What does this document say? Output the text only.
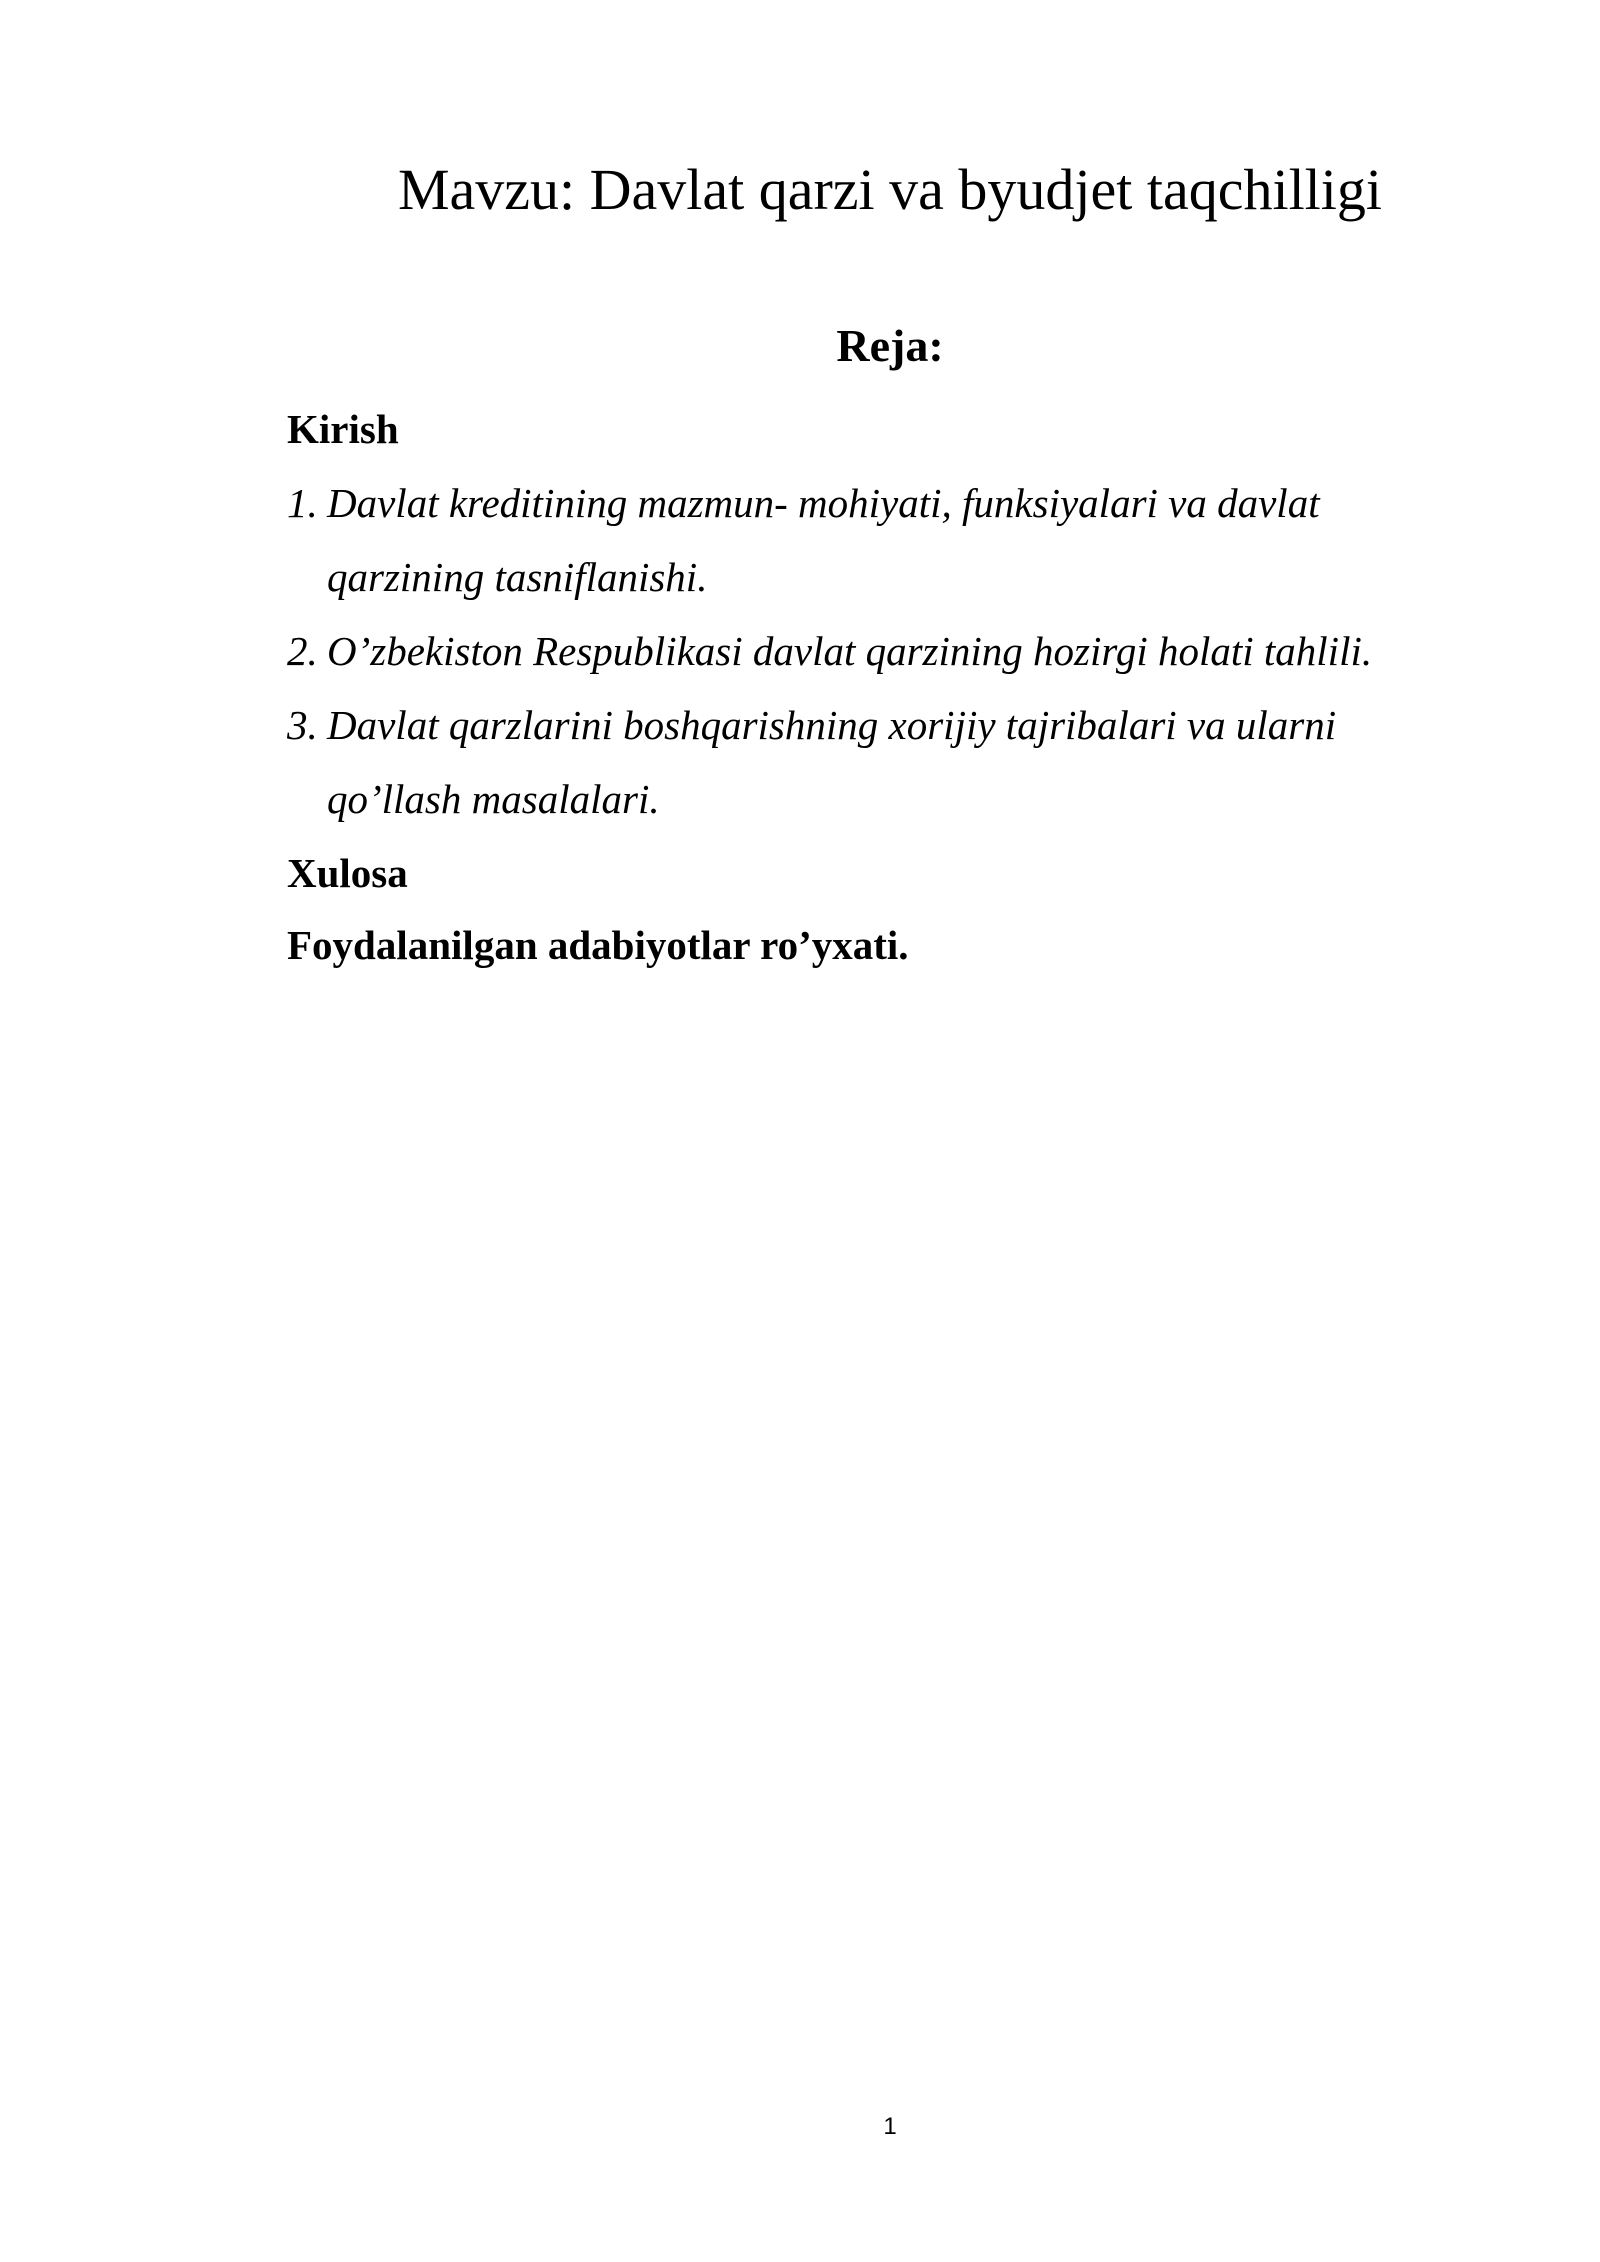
Mavzu: Davlat qarzi va byudjet taqchilligi
Reja:
Kirish
1. Davlat kreditining mazmun- mohiyati, funksiyalari va davlat qarzining tasniflanishi.
2. O’zbekiston Respublikasi davlat qarzining hozirgi holati tahlili.
3. Davlat qarzlarini boshqarishning xorijiy tajribalari va ularni qo’llash masalalari.
Xulosa
Foydalanilgan adabiyotlar ro’yxati.
1
